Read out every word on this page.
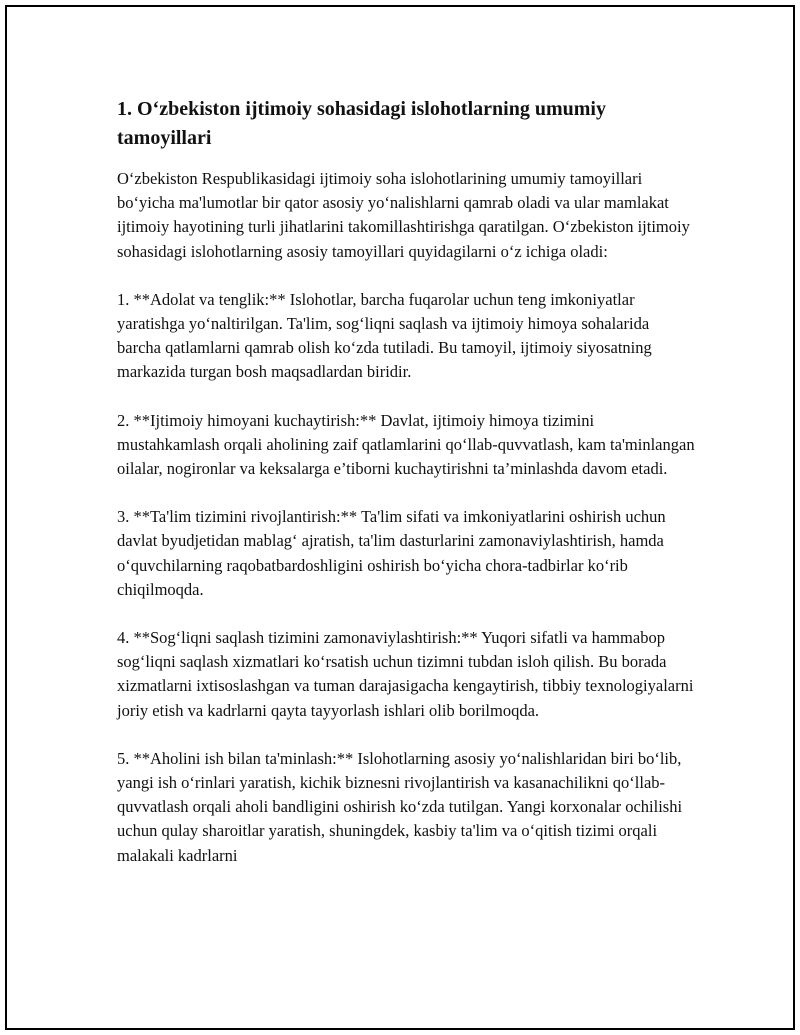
1. O‘zbekiston ijtimoiy sohasidagi islohotlarning umumiy tamoyillari

O‘zbekiston Respublikasidagi ijtimoiy soha islohotlarining umumiy tamoyillari bo‘yicha ma'lumotlar bir qator asosiy yo‘nalishlarni qamrab oladi va ular mamlakat ijtimoiy hayotining turli jihatlarini takomillashtirishga qaratilgan. O‘zbekiston ijtimoiy sohasidagi islohotlarning asosiy tamoyillari quyidagilarni o‘z ichiga oladi:

1. **Adolat va tenglik:** Islohotlar, barcha fuqarolar uchun teng imkoniyatlar yaratishga yo‘naltirilgan. Ta'lim, sog‘liqni saqlash va ijtimoiy himoya sohalarida barcha qatlamlarni qamrab olish ko‘zda tutiladi. Bu tamoyil, ijtimoiy siyosatning markazida turgan bosh maqsadlardan biridir.

2. **Ijtimoiy himoyani kuchaytirish:** Davlat, ijtimoiy himoya tizimini mustahkamlash orqali aholining zaif qatlamlarini qo‘llab-quvvatlash, kam ta'minlangan oilalar, nogironlar va keksalarga e’tiborni kuchaytirishni ta’minlashda davom etadi.

3. **Ta'lim tizimini rivojlantirish:** Ta'lim sifati va imkoniyatlarini oshirish uchun davlat byudjetidan mablag‘ ajratish, ta'lim dasturlarini zamonaviylashtirish, hamda o‘quvchilarning raqobatbardoshligini oshirish bo‘yicha chora-tadbirlar ko‘rib chiqilmoqda.

4. **Sog‘liqni saqlash tizimini zamonaviylashtirish:** Yuqori sifatli va hammabop sog‘liqni saqlash xizmatlari ko‘rsatish uchun tizimni tubdan isloh qilish. Bu borada xizmatlarni ixtisoslashgan va tuman darajasigacha kengaytirish, tibbiy texnologiyalarni joriy etish va kadrlarni qayta tayyorlash ishlari olib borilmoqda.

5. **Aholini ish bilan ta'minlash:** Islohotlarning asosiy yo‘nalishlaridan biri bo‘lib, yangi ish o‘rinlari yaratish, kichik biznesni rivojlantirish va kasanachilikni qo‘llab-quvvatlash orqali aholi bandligini oshirish ko‘zda tutilgan. Yangi korxonalar ochilishi uchun qulay sharoitlar yaratish, shuningdek, kasbiy ta'lim va o‘qitish tizimi orqali malakali kadrlarni
